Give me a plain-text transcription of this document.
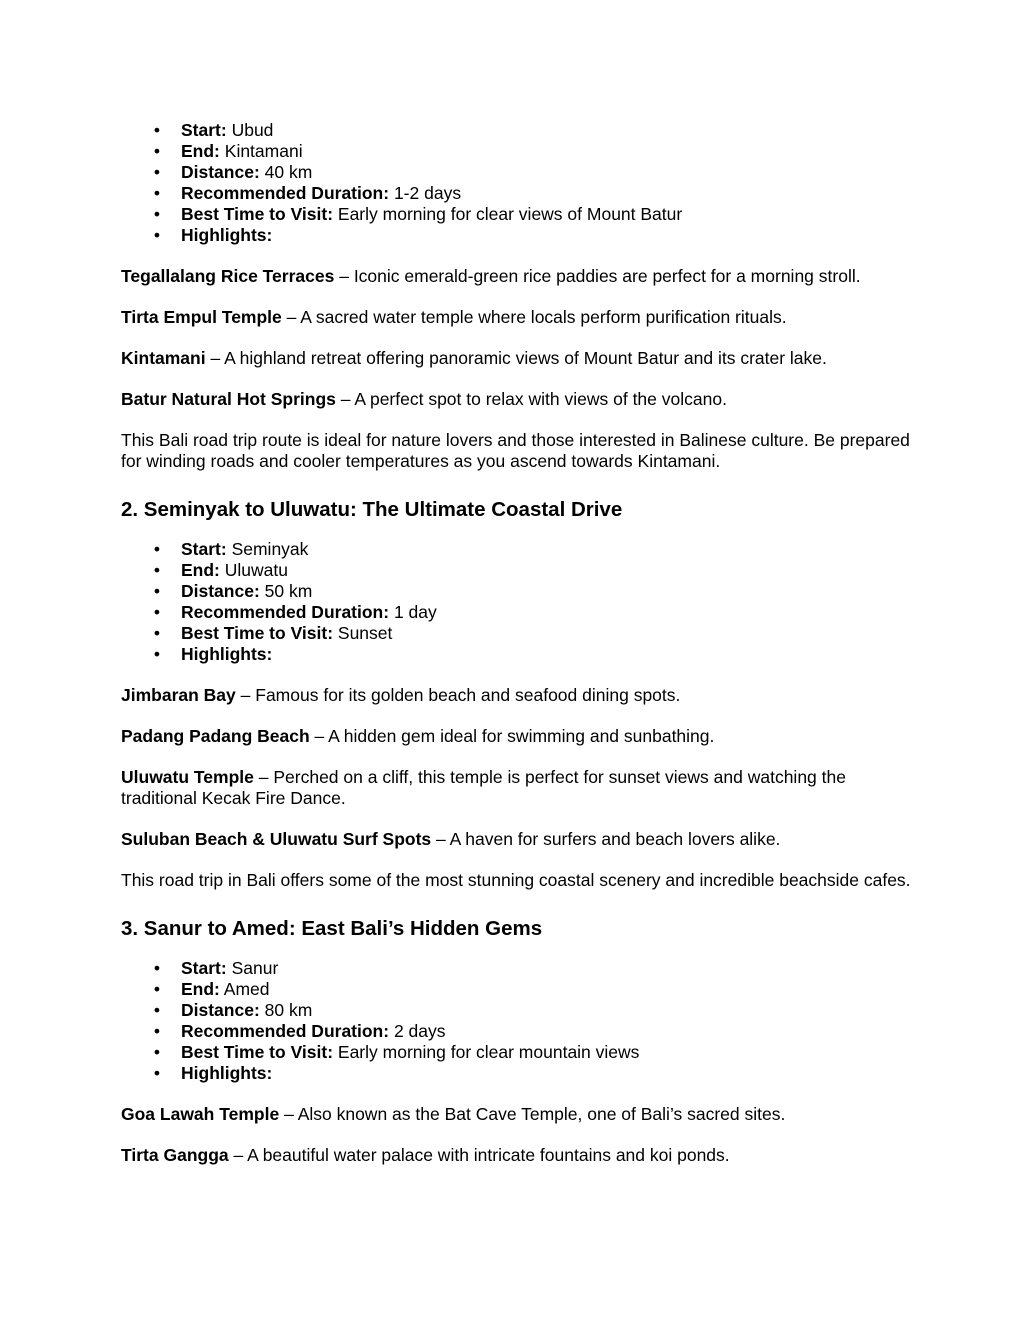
• Start: Ubud
• End: Kintamani
• Distance: 40 km
• Recommended Duration: 1-2 days
• Best Time to Visit: Early morning for clear views of Mount Batur
• Highlights:

Tegallalang Rice Terraces – Iconic emerald-green rice paddies are perfect for a morning stroll.

Tirta Empul Temple – A sacred water temple where locals perform purification rituals.

Kintamani – A highland retreat offering panoramic views of Mount Batur and its crater lake.

Batur Natural Hot Springs – A perfect spot to relax with views of the volcano.

This Bali road trip route is ideal for nature lovers and those interested in Balinese culture. Be prepared for winding roads and cooler temperatures as you ascend towards Kintamani.

2. Seminyak to Uluwatu: The Ultimate Coastal Drive
• Start: Seminyak
• End: Uluwatu
• Distance: 50 km
• Recommended Duration: 1 day
• Best Time to Visit: Sunset
• Highlights:

Jimbaran Bay – Famous for its golden beach and seafood dining spots.

Padang Padang Beach – A hidden gem ideal for swimming and sunbathing.

Uluwatu Temple – Perched on a cliff, this temple is perfect for sunset views and watching the traditional Kecak Fire Dance.

Suluban Beach & Uluwatu Surf Spots – A haven for surfers and beach lovers alike.

This road trip in Bali offers some of the most stunning coastal scenery and incredible beachside cafes.

3. Sanur to Amed: East Bali’s Hidden Gems
• Start: Sanur
• End: Amed
• Distance: 80 km
• Recommended Duration: 2 days
• Best Time to Visit: Early morning for clear mountain views
• Highlights:

Goa Lawah Temple – Also known as the Bat Cave Temple, one of Bali’s sacred sites.

Tirta Gangga – A beautiful water palace with intricate fountains and koi ponds.
